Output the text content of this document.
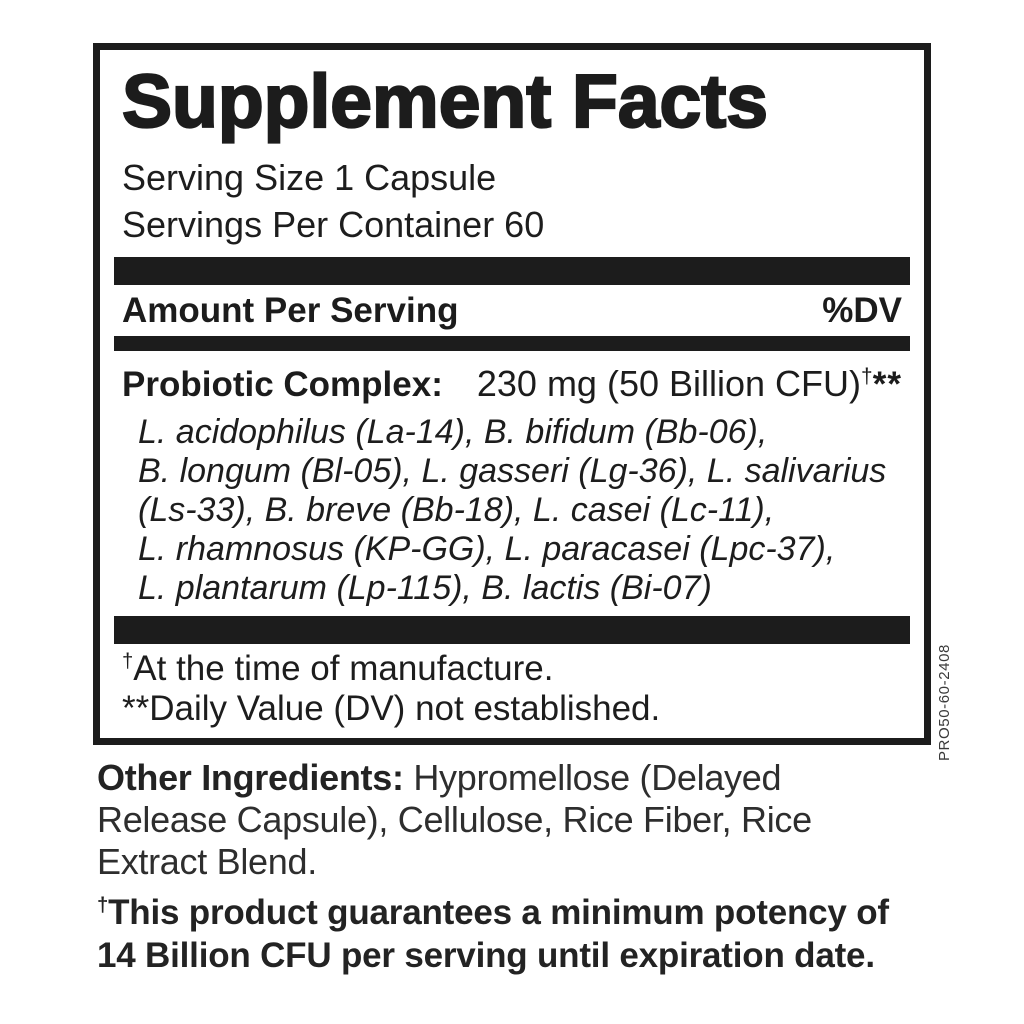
Supplement Facts
Serving Size 1 Capsule
Servings Per Container 60
Amount Per Serving	%DV
Probiotic Complex: 230 mg (50 Billion CFU)† **
L. acidophilus (La-14), B. bifidum (Bb-06),
B. longum (Bl-05), L. gasseri (Lg-36), L. salivarius
(Ls-33), B. breve (Bb-18), L. casei (Lc-11),
L. rhamnosus (KP-GG), L. paracasei (Lpc-37),
L. plantarum (Lp-115), B. lactis (Bi-07)
†At the time of manufacture.
**Daily Value (DV) not established.	PRO50-60-2408
Other Ingredients: Hypromellose (Delayed
Release Capsule), Cellulose, Rice Fiber, Rice
Extract Blend.
†This product guarantees a minimum potency of
14 Billion CFU per serving until expiration date.
